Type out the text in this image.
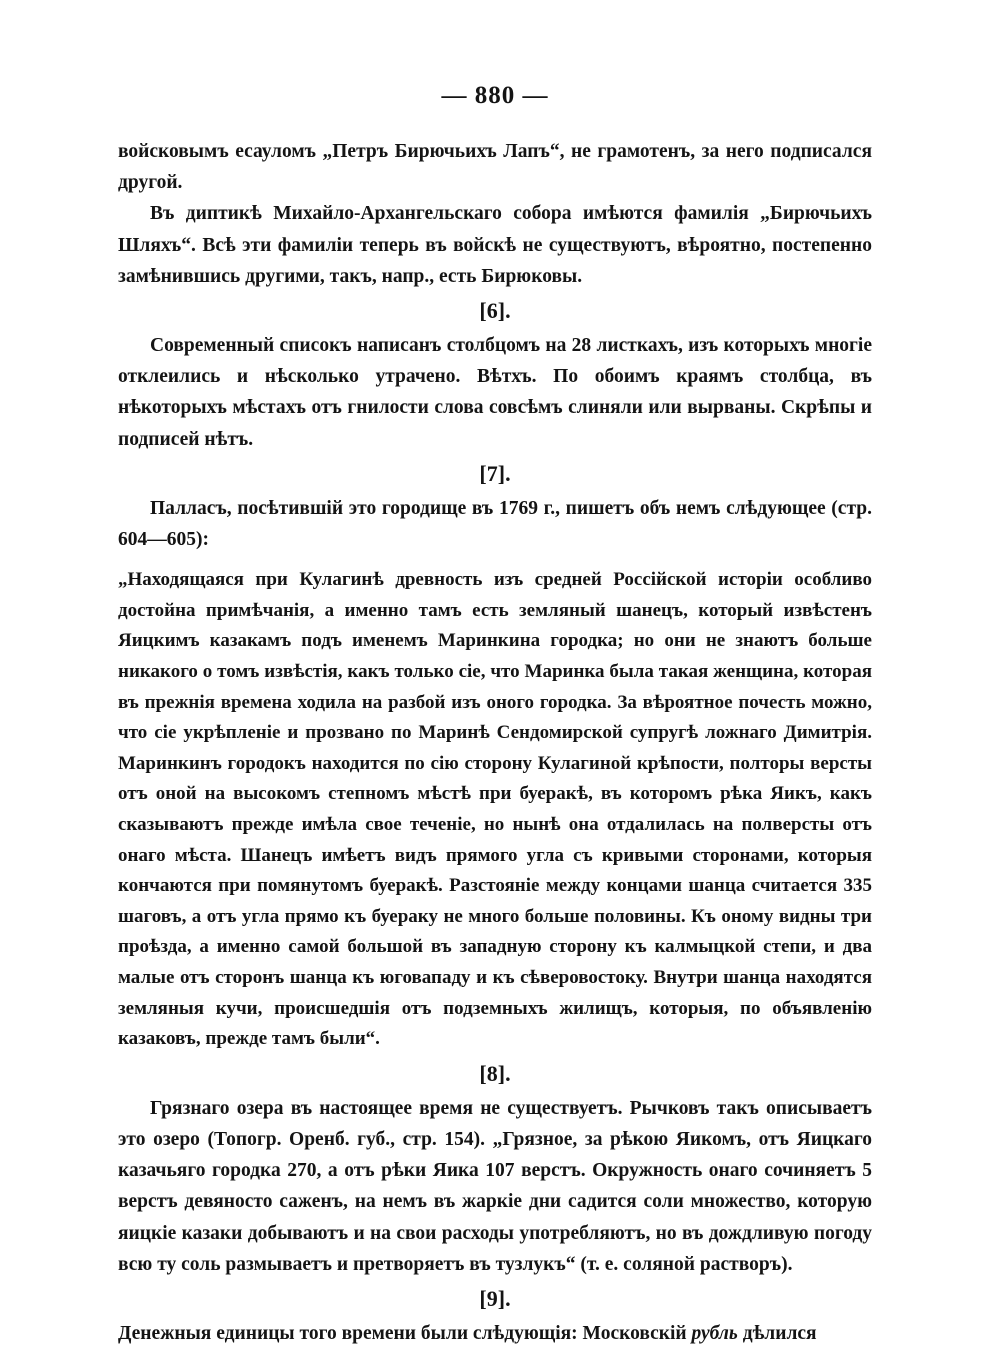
— 880 —

войсковымъ есауломъ „Петръ Бирючьихъ Лапъ“, не грамотенъ, за него подписался другой.

Въ диптикѣ Михайло-Архангельскаго собора имѣются фамилія „Бирючьихъ Шляхъ“. Всѣ эти фамиліи теперь въ войскѣ не существуютъ, вѣроятно, постепенно замѣнившись другими, такъ, напр., есть Бирюковы.

[6].

Современный списокъ написанъ столбцомъ на 28 листкахъ, изъ которыхъ многіе отклеились и нѣсколько утрачено. Вѣтхъ. По обоимъ краямъ столбца, въ нѣкоторыхъ мѣстахъ отъ гнилости слова совсѣмъ слиняли или вырваны. Скрѣпы и подписей нѣтъ.

[7].

Палласъ, посѣтившій это городище въ 1769 г., пишетъ объ немъ слѣдующее (стр. 604—605):

„Находящаяся при Кулагинѣ древность изъ средней Россійской исторіи особливо достойна примѣчанія, а именно тамъ есть земляный шанецъ, который извѣстенъ Яицкимъ казакамъ подъ именемъ Маринкина городка; но они не знаютъ больше никакого о томъ извѣстія, какъ только сіе, что Маринка была такая женщина, которая въ прежнія времена ходила на разбой изъ оного городка. За вѣроятное почесть можно, что сіе укрѣпленіе и прозвано по Маринѣ Сендомирской супругѣ ложнаго Димитрія. Маринкинъ городокъ находится по сію сторону Кулагиной крѣпости, полторы версты отъ оной на высокомъ степномъ мѣстѣ при буеракѣ, въ которомъ рѣка Яикъ, какъ сказываютъ прежде имѣла свое теченіе, но нынѣ она отдалилась на полверсты отъ онаго мѣста. Шанецъ имѣетъ видъ прямого угла съ кривыми сторонами, которыя кончаются при помянутомъ буеракѣ. Разстояніе между концами шанца считается 335 шаговъ, а отъ угла прямо къ буераку не много больше половины. Къ оному видны три проѣзда, а именно самой большой въ западную сторону къ калмыцкой степи, и два малые отъ сторонъ шанца къ юговападу и къ сѣверовостоку. Внутри шанца находятся земляныя кучи, происшедшія отъ подземныхъ жилищъ, которыя, по объявленію казаковъ, прежде тамъ были“.

[8].

Грязнаго озера въ настоящее время не существуетъ. Рычковъ такъ описываетъ это озеро (Топогр. Оренб. губ., стр. 154). „Грязное, за рѣкою Яикомъ, отъ Яицкаго казачьяго городка 270, а отъ рѣки Яика 107 верстъ. Окружность онаго сочиняетъ 5 верстъ девяносто саженъ, на немъ въ жаркіе дни садится соли множество, которую яицкіе казаки добываютъ и на свои расходы употребляютъ, но въ дождливую погоду всю ту соль размываетъ и претворяетъ въ тузлукъ“ (т. е. соляной растворъ).

[9].

Денежныя единицы того времени были слѣдующія: Московскій рубль дѣлился
